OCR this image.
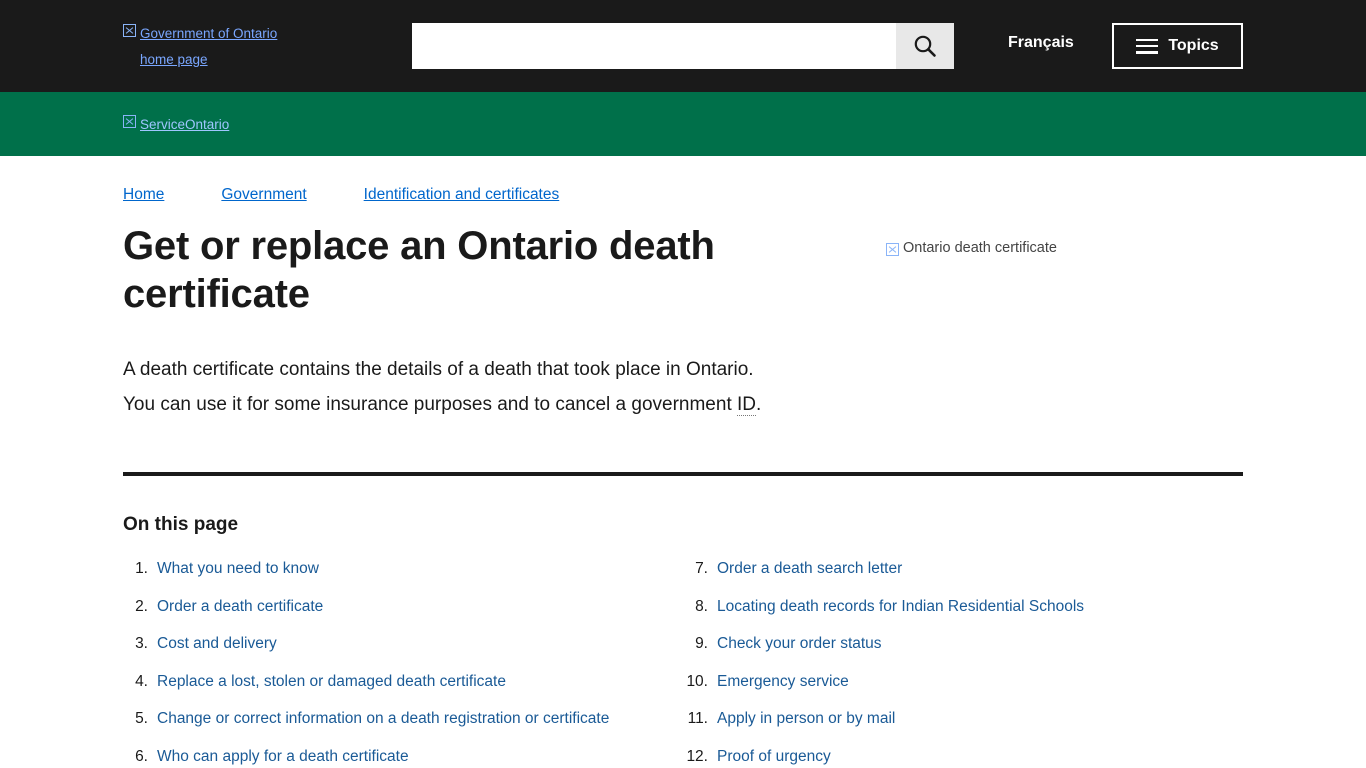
Government of Ontario home page
Français	Topics
ServiceOntario
Home	Government	Identification and certificates
Get or replace an Ontario death certificate
A death certificate contains the details of a death that took place in Ontario.
You can use it for some insurance purposes and to cancel a government ID.
Ontario death certificate
On this page
1. What you need to know
2. Order a death certificate
3. Cost and delivery
4. Replace a lost, stolen or damaged death certificate
5. Change or correct information on a death registration or certificate
6. Who can apply for a death certificate
7. Order a death search letter
8. Locating death records for Indian Residential Schools
9. Check your order status
10. Emergency service
11. Apply in person or by mail
12. Proof of urgency
